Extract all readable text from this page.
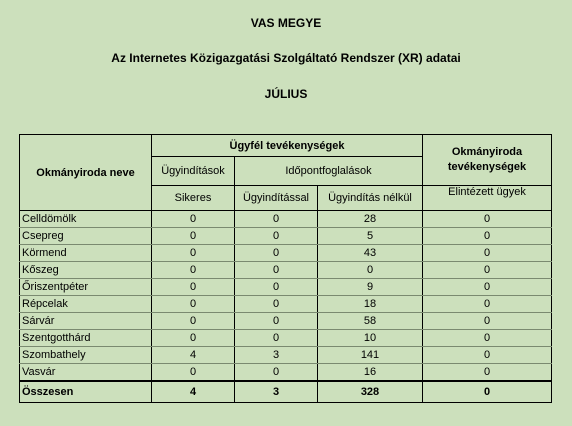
VAS MEGYE
Az Internetes Közigazgatási Szolgáltató Rendszer (XR) adatai
JÚLIUS
Okmányiroda neve	Ügyfél tevékenységek			Okmányiroda tevékenységek
	Ügyindítások	Időpontfoglalások		
	Sikeres	Ügyindítással	Ügyindítás nélkül	Elintézett ügyek
Celldömölk	0	0	28	0
Csepreg	0	0	5	0
Körmend	0	0	43	0
Kőszeg	0	0	0	0
Őriszentpéter	0	0	9	0
Répcelak	0	0	18	0
Sárvár	0	0	58	0
Szentgotthárd	0	0	10	0
Szombathely	4	3	141	0
Vasvár	0	0	16	0
Összesen	4	3	328	0
